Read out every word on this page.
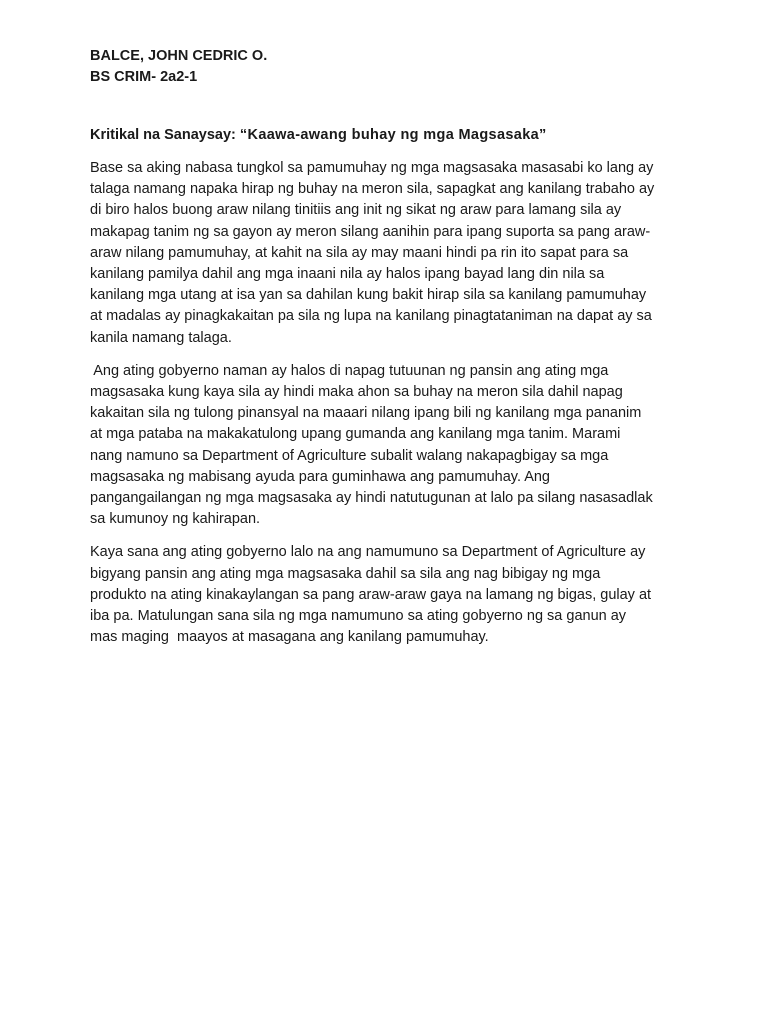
BALCE, JOHN CEDRIC O.
BS CRIM- 2a2-1
Kritikal na Sanaysay: “Kaawa-awang buhay ng mga Magsasaka”

Base sa aking nabasa tungkol sa pamumuhay ng mga magsasaka masasabi ko lang ay
talaga namang napaka hirap ng buhay na meron sila, sapagkat ang kanilang trabaho ay
di biro halos buong araw nilang tinitiis ang init ng sikat ng araw para lamang sila ay
makapag tanim ng sa gayon ay meron silang aanihin para ipang suporta sa pang araw-
araw nilang pamumuhay, at kahit na sila ay may maani hindi pa rin ito sapat para sa
kanilang pamilya dahil ang mga inaani nila ay halos ipang bayad lang din nila sa
kanilang mga utang at isa yan sa dahilan kung bakit hirap sila sa kanilang pamumuhay
at madalas ay pinagkakaitan pa sila ng lupa na kanilang pinagtataniman na dapat ay sa
kanila namang talaga.

Ang ating gobyerno naman ay halos di napag tutuunan ng pansin ang ating mga
magsasaka kung kaya sila ay hindi maka ahon sa buhay na meron sila dahil napag
kakaitan sila ng tulong pinansyal na maaari nilang ipang bili ng kanilang mga pananim
at mga pataba na makakatulong upang gumanda ang kanilang mga tanim. Marami
nang namuno sa Department of Agriculture subalit walang nakapagbigay sa mga
magsasaka ng mabisang ayuda para guminhawa ang pamumuhay. Ang
pangangailangan ng mga magsasaka ay hindi natutugunan at lalo pa silang nasasadlak
sa kumunoy ng kahirapan.

Kaya sana ang ating gobyerno lalo na ang namumuno sa Department of Agriculture ay
bigyang pansin ang ating mga magsasaka dahil sa sila ang nag bibigay ng mga
produkto na ating kinakaylangan sa pang araw-araw gaya na lamang ng bigas, gulay at
iba pa. Matulungan sana sila ng mga namumuno sa ating gobyerno ng sa ganun ay
mas maging  maayos at masagana ang kanilang pamumuhay.
